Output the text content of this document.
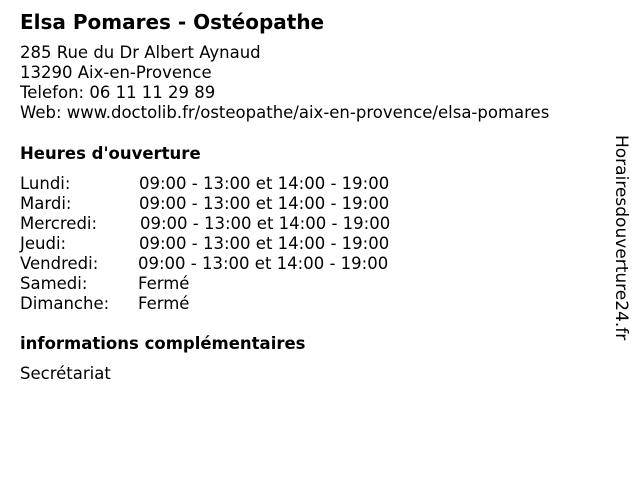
Elsa Pomares - Ostéopathe
285 Rue du Dr Albert Aynaud
13290 Aix-en-Provence
Telefon: 06 11 11 29 89
Web: www.doctolib.fr/osteopathe/aix-en-provence/elsa-pomares
Heures d'ouverture
Lundi:	09:00 - 13:00 et 14:00 - 19:00
Mardi:	09:00 - 13:00 et 14:00 - 19:00
Mercredi:	09:00 - 13:00 et 14:00 - 19:00
Jeudi:	09:00 - 13:00 et 14:00 - 19:00
Vendredi: 09:00 - 13:00 et 14:00 - 19:00
Samedi:	Fermé
Dimanche: Fermé
informations complémentaires
Secrétariat
Horairesdouverture24.fr
